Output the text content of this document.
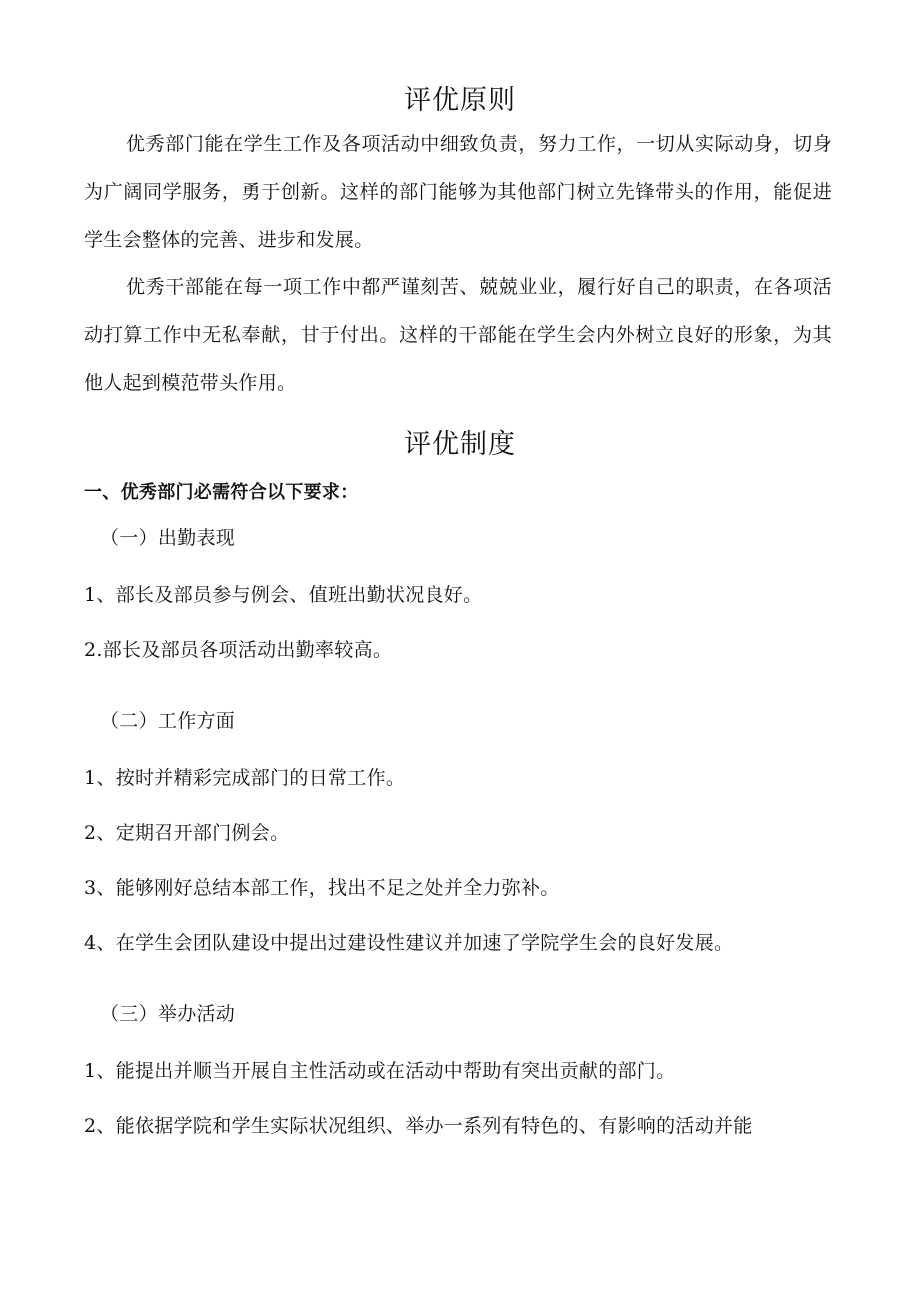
评优原则

优秀部门能在学生工作及各项活动中细致负责，努力工作，一切从实际动身，切身为广阔同学服务，勇于创新。这样的部门能够为其他部门树立先锋带头的作用，能促进学生会整体的完善、进步和发展。

优秀干部能在每一项工作中都严谨刻苦、兢兢业业，履行好自己的职责，在各项活动打算工作中无私奉献，甘于付出。这样的干部能在学生会内外树立良好的形象，为其他人起到模范带头作用。

评优制度

一、优秀部门必需符合以下要求：

（一）出勤表现

1、部长及部员参与例会、值班出勤状况良好。

2.部长及部员各项活动出勤率较高。

（二）工作方面

1、按时并精彩完成部门的日常工作。

2、定期召开部门例会。

3、能够刚好总结本部工作，找出不足之处并全力弥补。

4、在学生会团队建设中提出过建设性建议并加速了学院学生会的良好发展。

（三）举办活动

1、能提出并顺当开展自主性活动或在活动中帮助有突出贡献的部门。

2、能依据学院和学生实际状况组织、举办一系列有特色的、有影响的活动并能
